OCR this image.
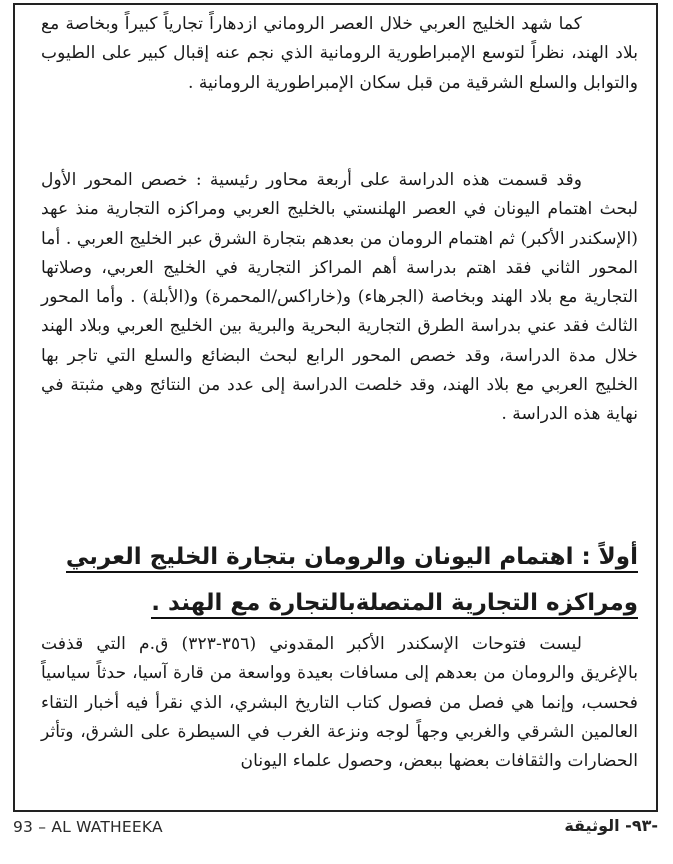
كما شهد الخليج العربي خلال العصر الروماني ازدهاراً تجارياً كبيراً وبخاصة مع بلاد الهند، نظراً لتوسع الإمبراطورية الرومانية الذي نجم عنه إقبال كبير على الطيوب والتوابل والسلع الشرقية من قبل سكان الإمبراطورية الرومانية .

وقد قسمت هذه الدراسة على أربعة محاور رئيسية : خصص المحور الأول لبحث اهتمام اليونان في العصر الهلنستي بالخليج العربي ومراكزه التجارية منذ عهد (الإسكندر الأكبر) ثم اهتمام الرومان من بعدهم بتجارة الشرق عبر الخليج العربي . أما المحور الثاني فقد اهتم بدراسة أهم المراكز التجارية في الخليج العربي، وصلاتها التجارية مع بلاد الهند وبخاصة (الجرهاء) و(خاراكس/المحمرة) و(الأبلة) . وأما المحور الثالث فقد عني بدراسة الطرق التجارية البحرية والبرية بين الخليج العربي وبلاد الهند خلال مدة الدراسة، وقد خصص المحور الرابع لبحث البضائع والسلع التي تاجر بها الخليج العربي مع بلاد الهند، وقد خلصت الدراسة إلى عدد من النتائج وهي مثبتة في نهاية هذه الدراسة .

أولاً : اهتمام اليونان والرومان بتجارة الخليج العربي
ومراكزه التجارية المتصلةبالتجارة مع الهند .

ليست فتوحات الإسكندر الأكبر المقدوني (٣٥٦-٣٢٣) ق.م التي قذفت بالإغريق والرومان من بعدهم إلى مسافات بعيدة وواسعة من قارة آسيا، حدثاً سياسياً فحسب، وإنما هي فصل من فصول كتاب التاريخ البشري، الذي نقرأ فيه أخبار التقاء العالمين الشرقي والغربي وجهاً لوجه ونزعة الغرب في السيطرة على الشرق، وتأثر الحضارات والثقافات بعضها ببعض، وحصول علماء اليونان

93 – AL WATHEEKA	-٩٣- الوثيقة
